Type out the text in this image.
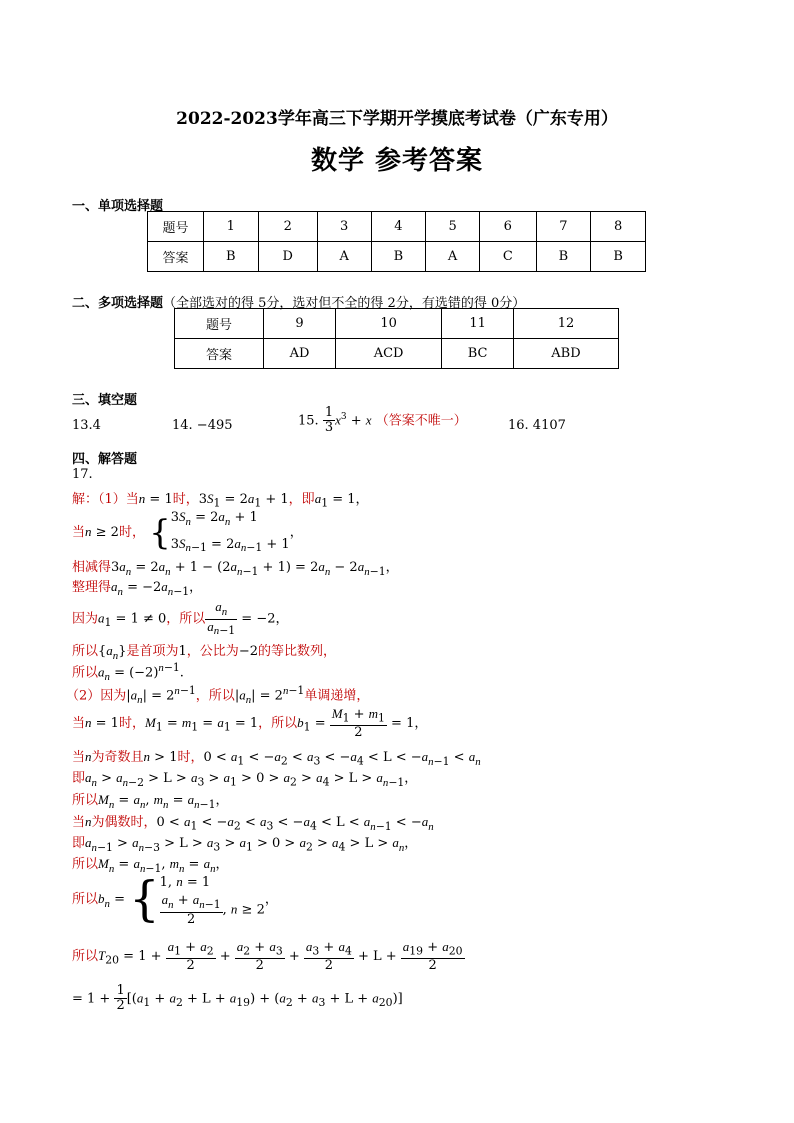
2022-2023学年高三下学期开学摸底考试卷（广东专用）
数学 参考答案
一、单项选择题
题号	1	2	3	4	5	6	7	8
答案	B	D	A	B	A	C	B	B
二、多项选择题（全部选对的得 5分，选对但不全的得 2分，有选错的得 0分）
题号	9	10	11	12
答案	AD	ACD	BC	ABD
三、填空题
13.4	14. −495	15. $\frac{1}{3} x^3 + x$ （答案不唯一）	16. 4107
四、解答题
17.
解：（1）当n = 1时，$3S_1 = 2a_1 + 1$，即$a_1 = 1$，
当n ≥ 2时， {$3S_n = 2a_n + 1$
$3S_{n-1} = 2a_{n-1} + 1$，
相减得$3a_n = 2a_n + 1 - (2a_{n-1} + 1) = 2a_n - 2a_{n-1}$，
整理得$a_n = -2a_{n-1}$，
因为$a_1 = 1 \ne 0$，所以 $\frac{a_n}{a_{n-1}} = -2$，
所以$\{a_n\}$是首项为1，公比为−2的等比数列，
所以$a_n = (-2)^{n-1}$.
（2）因为$|a_n| = 2^{n-1}$，所以$|a_n| = 2^{n-1}$单调递增，
当n = 1时，$M_1 = m_1 = a_1 = 1$，所以$b_1 = \frac{M_1 + m_1}{2} = 1$，
当n为奇数且n > 1时，$0 < a_1 < -a_2 < a_3 < -a_4 < L < -a_{n-1} < a_n$
即$a_n > a_{n-2} > L > a_3 > a_1 > 0 > a_2 > a_4 > L > a_{n-1}$，
所以$M_n = a_n$, $m_n = a_{n-1}$，
当n为偶数时，$0 < a_1 < -a_2 < a_3 < -a_4 < L < a_{n-1} < -a_n$
即$a_{n-1} > a_{n-3} > L > a_3 > a_1 > 0 > a_2 > a_4 > L > a_n$，
所以$M_n = a_{n-1}$, $m_n = a_n$，
所以$b_n = \{1$, n = 1

$\frac{a_n + a_{n-1}}{2}$ , n ≥ 2，
所以$T_{20} = 1 + \frac{a_1 + a_2}{2} + \frac{a_2 + a_3}{2} + \frac{a_3 + a_4}{2} + L + \frac{a_{19} + a_{20}}{2}$
= $1 + \frac{1}{2} [(a_1 + a_2 + L + a_{19}) + (a_2 + a_3 + L + a_{20})]$
